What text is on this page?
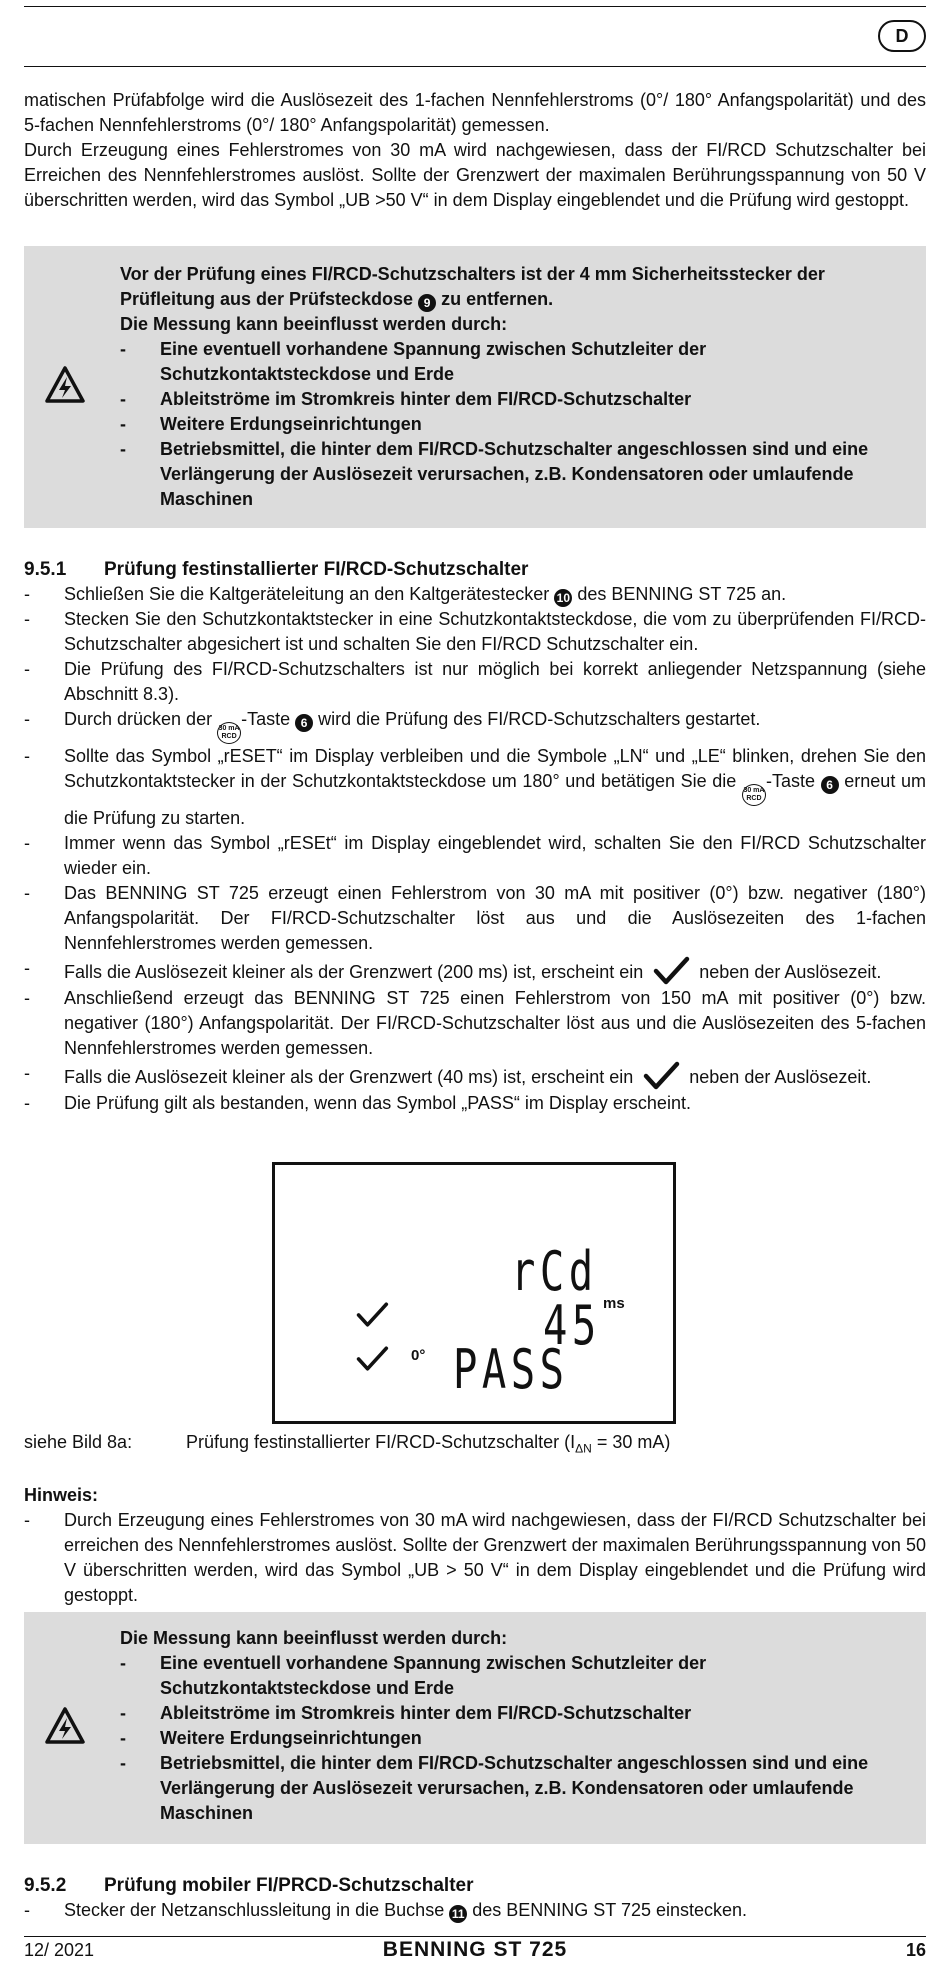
D

matischen Prüfabfolge wird die Auslösezeit des 1-fachen Nennfehlerstroms (0°/ 180° Anfangspolarität) und des 5-fachen Nennfehlerstroms (0°/ 180° Anfangspolarität) gemessen.

Durch Erzeugung eines Fehlerstromes von 30 mA wird nachgewiesen, dass der FI/RCD Schutzschalter bei Erreichen des Nennfehlerstromes auslöst. Sollte der Grenzwert der maximalen Berührungsspannung von 50 V überschritten werden, wird das Symbol „UB >50 V“ in dem Display eingeblendet und die Prüfung wird gestoppt.

Vor der Prüfung eines FI/RCD-Schutzschalters ist der 4 mm Sicherheitsstecker der Prüfleitung aus der Prüfsteckdose 9 zu entfernen.

Die Messung kann beeinflusst werden durch:

- Eine eventuell vorhandene Spannung zwischen Schutzleiter der Schutzkontaktsteckdose und Erde
- Ableitströme im Stromkreis hinter dem FI/RCD-Schutzschalter
- Weitere Erdungseinrichtungen
- Betriebsmittel, die hinter dem FI/RCD-Schutzschalter angeschlossen sind und eine Verlängerung der Auslösezeit verursachen, z.B. Kondensatoren oder umlaufende Maschinen
9.5.1 Prüfung festinstallierter FI/RCD-Schutzschalter
- Schließen Sie die Kaltgeräteleitung an den Kaltgerätestecker 10 des BENNING ST 725 an.
- Stecken Sie den Schutzkontaktstecker in eine Schutzkontaktsteckdose, die vom zu überprüfenden FI/RCD-Schutzschalter abgesichert ist und schalten Sie den FI/RCD Schutzschalter ein.
- Die Prüfung des FI/RCD-Schutzschalters ist nur möglich bei korrekt anliegender Netzspannung (siehe Abschnitt 8.3).
- Durch drücken der 30 mA
RCD
-Taste 6 wird die Prüfung des FI/RCD-Schutzschalters gestartet.
- Sollte das Symbol „rESET“ im Display verbleiben und die Symbole „LN“ und „LE“ blinken, drehen Sie den Schutzkontaktstecker in der Schutzkontaktsteckdose um 180° und betätigen Sie die 30 mA
RCD
-Taste 6 erneut um die Prüfung zu starten.
- Immer wenn das Symbol „rESEt“ im Display eingeblendet wird, schalten Sie den FI/RCD Schutzschalter wieder ein.
- Das BENNING ST 725 erzeugt einen Fehlerstrom von 30 mA mit positiver (0°) bzw. negativer (180°) Anfangspolarität. Der FI/RCD-Schutzschalter löst aus und die Auslösezeiten des 1-fachen Nennfehlerstromes werden gemessen.
- Falls die Auslösezeit kleiner als der Grenzwert (200 ms) ist, erscheint ein	neben der Auslösezeit.
- Anschließend erzeugt das BENNING ST 725 einen Fehlerstrom von 150 mA mit positiver (0°) bzw. negativer (180°) Anfangspolarität. Der FI/RCD-Schutzschalter löst aus und die Auslösezeiten des 5-fachen Nennfehlerstromes werden gemessen.
- Falls die Auslösezeit kleiner als der Grenzwert (40 ms) ist, erscheint ein	neben der Auslösezeit.
- Die Prüfung gilt als bestanden, wenn das Symbol „PASS“ im Display erscheint.
rCd
45 ms
0° PASS
siehe Bild 8a:	Prüfung festinstallierter FI/RCD-Schutzschalter ($I_{\Delta N} = 30$ mA)
Hinweis:
- Durch Erzeugung eines Fehlerstromes von 30 mA wird nachgewiesen, dass der FI/RCD Schutzschalter bei erreichen des Nennfehlerstromes auslöst. Sollte der Grenzwert der maximalen Berührungsspannung von 50 V überschritten werden, wird das Symbol „UB > 50 V“ in dem Display eingeblendet und die Prüfung wird gestoppt.

Die Messung kann beeinflusst werden durch:

- Eine eventuell vorhandene Spannung zwischen Schutzleiter der Schutzkontaktsteckdose und Erde
- Ableitströme im Stromkreis hinter dem FI/RCD-Schutzschalter
- Weitere Erdungseinrichtungen
- Betriebsmittel, die hinter dem FI/RCD-Schutzschalter angeschlossen sind und eine Verlängerung der Auslösezeit verursachen, z.B. Kondensatoren oder umlaufende Maschinen
9.5.2 Prüfung mobiler FI/PRCD-Schutzschalter
- Stecker der Netzanschlussleitung in die Buchse 11 des BENNING ST 725 einstecken.
12/ 2021	BENNING ST 725	16
